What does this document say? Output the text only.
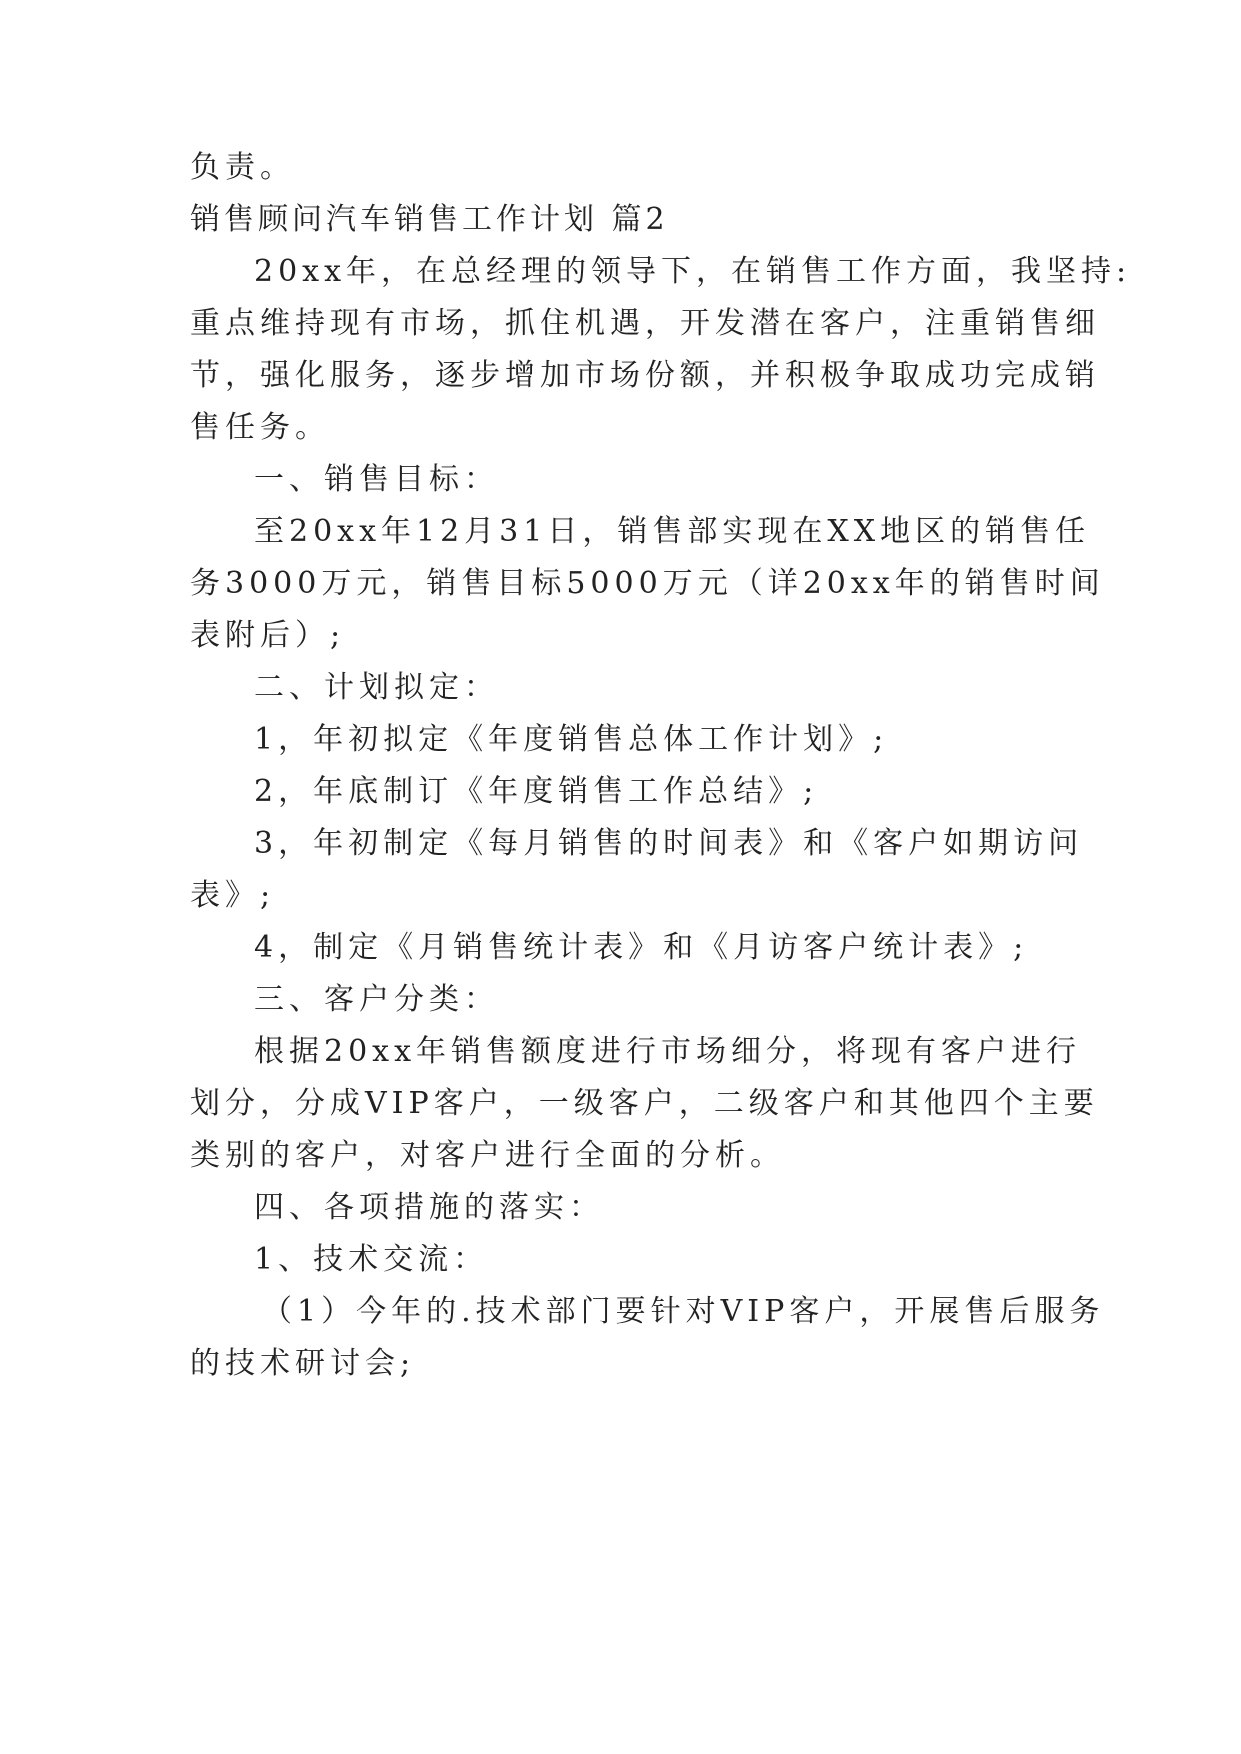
负责。

销售顾问汽车销售工作计划 篇2

20xx年，在总经理的领导下，在销售工作方面，我坚持:

重点维持现有市场，抓住机遇，开发潜在客户，注重销售细

节，强化服务，逐步增加市场份额，并积极争取成功完成销

售任务。

一、销售目标：

至20xx年12月31日，销售部实现在XX地区的销售任

务3000万元，销售目标5000万元（详20xx年的销售时间

表附后）;

二、计划拟定：

1，年初拟定《年度销售总体工作计划》;

2，年底制订《年度销售工作总结》;

3，年初制定《每月销售的时间表》和《客户如期访问

表》;

4，制定《月销售统计表》和《月访客户统计表》;

三、客户分类：

根据20xx年销售额度进行市场细分，将现有客户进行

划分，分成VIP客户，一级客户，二级客户和其他四个主要

类别的客户，对客户进行全面的分析。

四、各项措施的落实：

1、技术交流：

（1）今年的.技术部门要针对VIP客户，开展售后服务

的技术研讨会;
